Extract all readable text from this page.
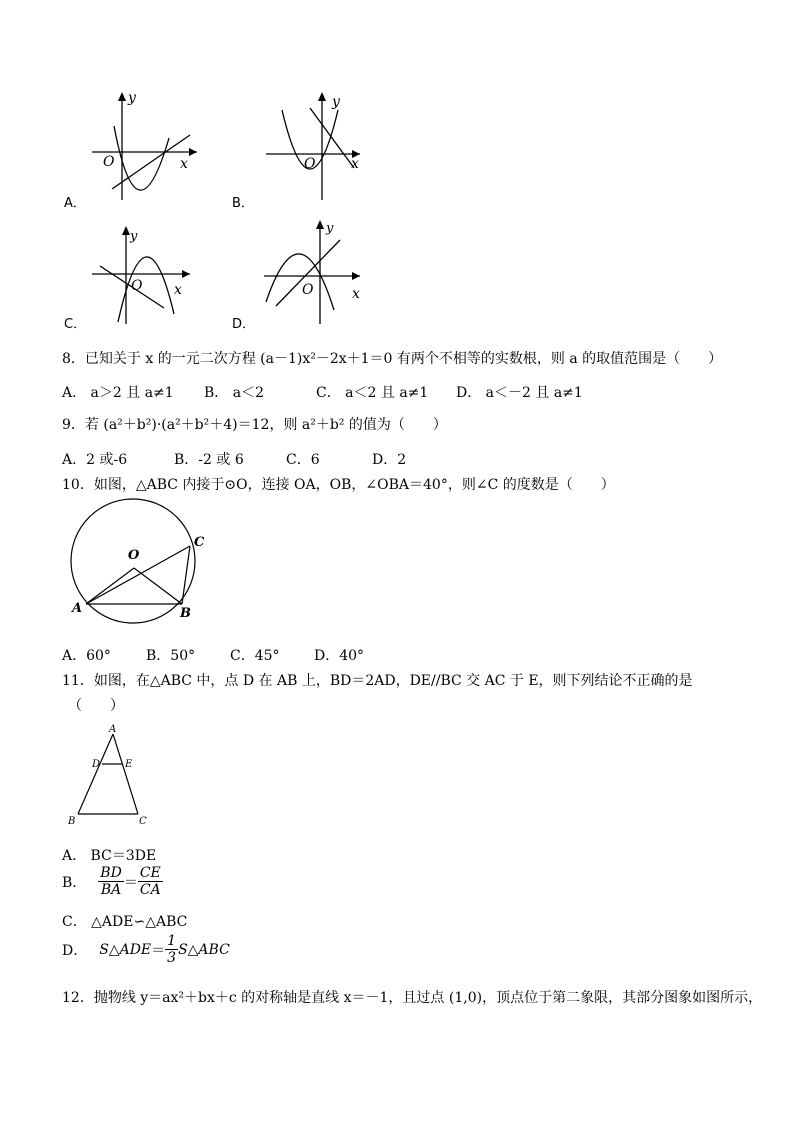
y
x
O
A．
y
x
O
B．
y
x
O
C．
y
x
O
D．
8．已知关于 x 的一元二次方程 (a－1)x²－2x＋1＝0 有两个不相等的实数根，则 a 的取值范围是（　　）
A． a＞2 且 a≠1 B． a＜2	C． a＜2 且 a≠1 D． a＜－2 且 a≠1
9．若 (a²＋b²)·(a²＋b²＋4)＝12，则 a²＋b² 的值为（　　）
A．2 或-6	B．-2 或 6	C．6	D．2
10．如图，△ABC 内接于⊙O，连接 OA，OB，∠OBA＝40°，则∠C 的度数是（　　）
O
A	B
C
A．60°	B．50° C．45° D．40°
11．如图，在△ABC 中，点 D 在 AB 上，BD＝2AD，DE//BC 交 AC 于 E，则下列结论不正确的是
（　　）
A
D E
B	C
A． BC＝3DE
B． $\frac{BD}{BA} = \frac{CE}{CA}$
C． △ADE∽△ABC
D． S△ADE ＝ $\frac{1}{3}$ S△ABC
12．抛物线 y＝ax²＋bx＋c 的对称轴是直线 x＝－1，且过点 (1,0)，顶点位于第二象限，其部分图象如图所示，
